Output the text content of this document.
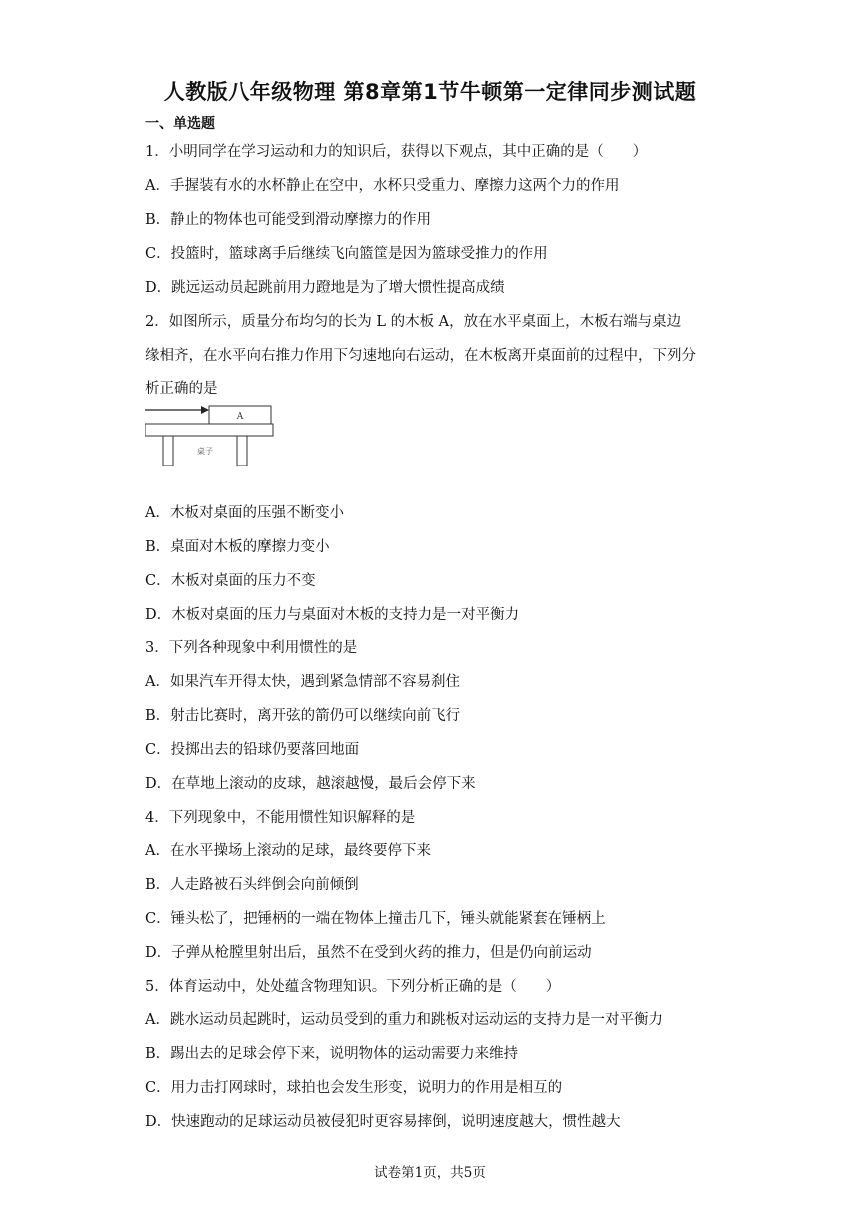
人教版八年级物理 第8章第1节牛顿第一定律同步测试题
一、单选题
1．小明同学在学习运动和力的知识后，获得以下观点，其中正确的是（　　）
A．手握装有水的水杯静止在空中，水杯只受重力、摩擦力这两个力的作用
B．静止的物体也可能受到滑动摩擦力的作用
C．投篮时，篮球离手后继续飞向篮筐是因为篮球受推力的作用
D．跳远运动员起跳前用力蹬地是为了增大惯性提高成绩
2．如图所示，质量分布均匀的长为 L 的木板 A，放在水平桌面上，木板右端与桌边
缘相齐，在水平向右推力作用下匀速地向右运动，在木板离开桌面前的过程中，下列分
析正确的是
A
桌子
A．木板对桌面的压强不断变小
B．桌面对木板的摩擦力变小
C．木板对桌面的压力不变
D．木板对桌面的压力与桌面对木板的支持力是一对平衡力
3．下列各种现象中利用惯性的是
A．如果汽车开得太快，遇到紧急情部不容易刹住
B．射击比赛时，离开弦的箭仍可以继续向前飞行
C．投掷出去的铅球仍要落回地面
D．在草地上滚动的皮球，越滚越慢，最后会停下来
4．下列现象中，不能用惯性知识解释的是
A．在水平操场上滚动的足球，最终要停下来
B．人走路被石头绊倒会向前倾倒
C．锤头松了，把锤柄的一端在物体上撞击几下，锤头就能紧套在锤柄上
D．子弹从枪膛里射出后，虽然不在受到火药的推力，但是仍向前运动
5．体育运动中，处处蕴含物理知识。下列分析正确的是（　　）
A．跳水运动员起跳时，运动员受到的重力和跳板对运动运的支持力是一对平衡力
B．踢出去的足球会停下来，说明物体的运动需要力来维持
C．用力击打网球时，球拍也会发生形变，说明力的作用是相互的
D．快速跑动的足球运动员被侵犯时更容易摔倒，说明速度越大，惯性越大
试卷第1页，共5页
